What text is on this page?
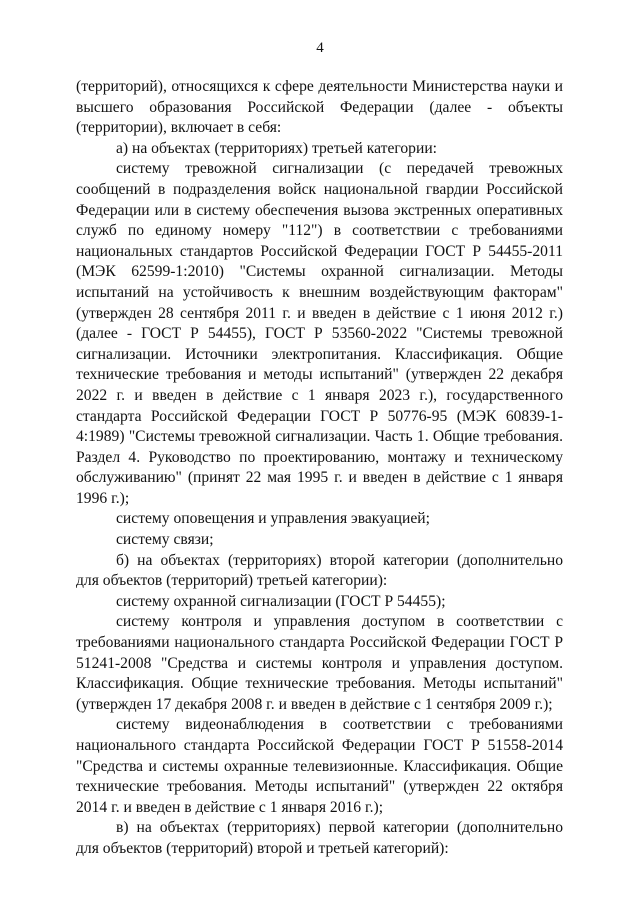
4

(территорий), относящихся к сфере деятельности Министерства науки и высшего образования Российской Федерации (далее - объекты (территории), включает в себя:

а) на объектах (территориях) третьей категории:

систему тревожной сигнализации (с передачей тревожных сообщений в подразделения войск национальной гвардии Российской Федерации или в систему обеспечения вызова экстренных оперативных служб по единому номеру "112") в соответствии с требованиями национальных стандартов Российской Федерации ГОСТ Р 54455-2011 (МЭК 62599-1:2010) "Системы охранной сигнализации. Методы испытаний на устойчивость к внешним воздействующим факторам" (утвержден 28 сентября 2011 г. и введен в действие с 1 июня 2012 г.) (далее - ГОСТ Р 54455), ГОСТ Р 53560-2022 "Системы тревожной сигнализации. Источники электропитания. Классификация. Общие технические требования и методы испытаний" (утвержден 22 декабря 2022 г. и введен в действие с 1 января 2023 г.), государственного стандарта Российской Федерации ГОСТ Р 50776-95 (МЭК 60839-1-4:1989) "Системы тревожной сигнализации. Часть 1. Общие требования. Раздел 4. Руководство по проектированию, монтажу и техническому обслуживанию" (принят 22 мая 1995 г. и введен в действие с 1 января 1996 г.);

систему оповещения и управления эвакуацией;

систему связи;

б) на объектах (территориях) второй категории (дополнительно для объектов (территорий) третьей категории):

систему охранной сигнализации (ГОСТ Р 54455);

систему контроля и управления доступом в соответствии с требованиями национального стандарта Российской Федерации ГОСТ Р 51241-2008 "Средства и системы контроля и управления доступом. Классификация. Общие технические требования. Методы испытаний" (утвержден 17 декабря 2008 г. и введен в действие с 1 сентября 2009 г.);

систему видеонаблюдения в соответствии с требованиями национального стандарта Российской Федерации ГОСТ Р 51558-2014 "Средства и системы охранные телевизионные. Классификация. Общие технические требования. Методы испытаний" (утвержден 22 октября 2014 г. и введен в действие с 1 января 2016 г.);

в) на объектах (территориях) первой категории (дополнительно для объектов (территорий) второй и третьей категорий):
